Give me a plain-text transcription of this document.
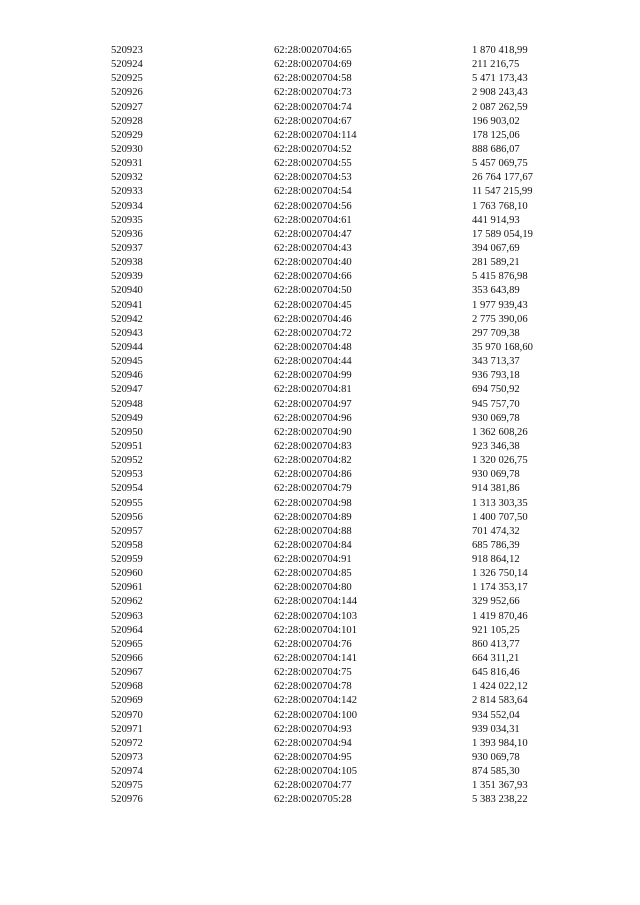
520923	62:28:0020704:65	1 870 418,99
520924	62:28:0020704:69	211 216,75
520925	62:28:0020704:58	5 471 173,43
520926	62:28:0020704:73	2 908 243,43
520927	62:28:0020704:74	2 087 262,59
520928	62:28:0020704:67	196 903,02
520929	62:28:0020704:114	178 125,06
520930	62:28:0020704:52	888 686,07
520931	62:28:0020704:55	5 457 069,75
520932	62:28:0020704:53	26 764 177,67
520933	62:28:0020704:54	11 547 215,99
520934	62:28:0020704:56	1 763 768,10
520935	62:28:0020704:61	441 914,93
520936	62:28:0020704:47	17 589 054,19
520937	62:28:0020704:43	394 067,69
520938	62:28:0020704:40	281 589,21
520939	62:28:0020704:66	5 415 876,98
520940	62:28:0020704:50	353 643,89
520941	62:28:0020704:45	1 977 939,43
520942	62:28:0020704:46	2 775 390,06
520943	62:28:0020704:72	297 709,38
520944	62:28:0020704:48	35 970 168,60
520945	62:28:0020704:44	343 713,37
520946	62:28:0020704:99	936 793,18
520947	62:28:0020704:81	694 750,92
520948	62:28:0020704:97	945 757,70
520949	62:28:0020704:96	930 069,78
520950	62:28:0020704:90	1 362 608,26
520951	62:28:0020704:83	923 346,38
520952	62:28:0020704:82	1 320 026,75
520953	62:28:0020704:86	930 069,78
520954	62:28:0020704:79	914 381,86
520955	62:28:0020704:98	1 313 303,35
520956	62:28:0020704:89	1 400 707,50
520957	62:28:0020704:88	701 474,32
520958	62:28:0020704:84	685 786,39
520959	62:28:0020704:91	918 864,12
520960	62:28:0020704:85	1 326 750,14
520961	62:28:0020704:80	1 174 353,17
520962	62:28:0020704:144	329 952,66
520963	62:28:0020704:103	1 419 870,46
520964	62:28:0020704:101	921 105,25
520965	62:28:0020704:76	860 413,77
520966	62:28:0020704:141	664 311,21
520967	62:28:0020704:75	645 816,46
520968	62:28:0020704:78	1 424 022,12
520969	62:28:0020704:142	2 814 583,64
520970	62:28:0020704:100	934 552,04
520971	62:28:0020704:93	939 034,31
520972	62:28:0020704:94	1 393 984,10
520973	62:28:0020704:95	930 069,78
520974	62:28:0020704:105	874 585,30
520975	62:28:0020704:77	1 351 367,93
520976	62:28:0020705:28	5 383 238,22
